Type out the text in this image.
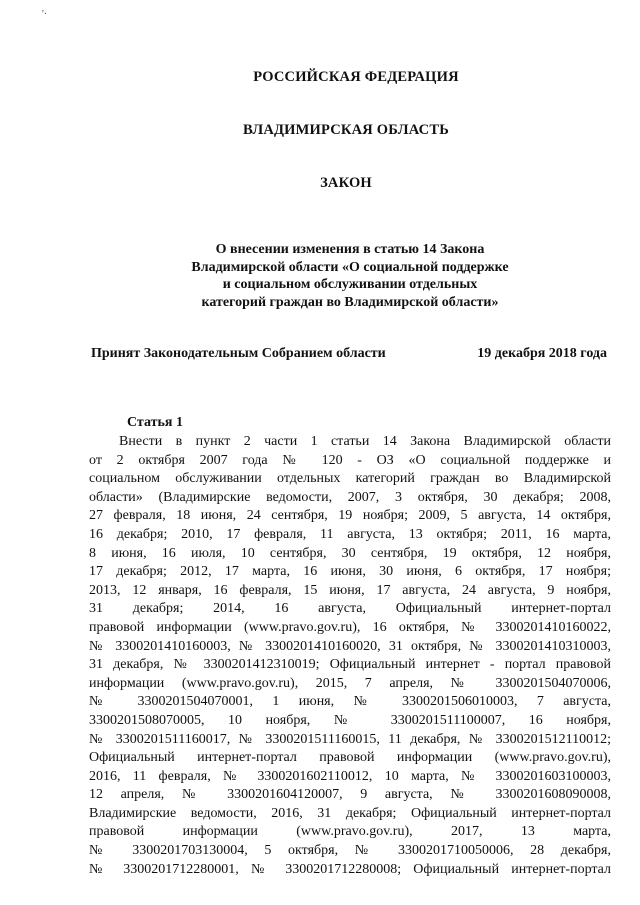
'·
РОССИЙСКАЯ ФЕДЕРАЦИЯ
ВЛАДИМИРСКАЯ ОБЛАСТЬ
ЗАКОН
О внесении изменения в статью 14 Закона
Владимирской области «О социальной поддержке
и социальном обслуживании отдельных
категорий граждан во Владимирской области»
Принят Законодательным Собранием области	19 декабря 2018 года
Статья 1
Внести в пункт 2 части 1 статьи 14 Закона Владимирской области
от 2 октября 2007 года № 120 - ОЗ «О социальной поддержке и
социальном обслуживании отдельных категорий граждан во Владимирской
области» (Владимирские ведомости, 2007, 3 октября, 30 декабря; 2008,
27 февраля, 18 июня, 24 сентября, 19 ноября; 2009, 5 августа, 14 октября,
16 декабря; 2010, 17 февраля, 11 августа, 13 октября; 2011, 16 марта,
8 июня, 16 июля, 10 сентября, 30 сентября, 19 октября, 12 ноября,
17 декабря; 2012, 17 марта, 16 июня, 30 июня, 6 октября, 17 ноября;
2013, 12 января, 16 февраля, 15 июня, 17 августа, 24 августа, 9 ноября,
31 декабря; 2014, 16 августа, Официальный интернет-портал
правовой информации (www.pravo.gov.ru), 16 октября, № 3300201410160022,
№ 3300201410160003, № 3300201410160020, 31 октября, № 3300201410310003,
31 декабря, № 3300201412310019; Официальный интернет - портал правовой
информации (www.pravo.gov.ru), 2015, 7 апреля, № 3300201504070006,
№ 3300201504070001, 1 июня, № 3300201506010003, 7 августа,
3300201508070005, 10 ноября, № 3300201511100007, 16 ноября,
№ 3300201511160017, № 3300201511160015, 11 декабря, № 3300201512110012;
Официальный интернет-портал правовой информации (www.pravo.gov.ru),
2016, 11 февраля, № 3300201602110012, 10 марта, № 3300201603100003,
12 апреля, № 3300201604120007, 9 августа, № 3300201608090008,
Владимирские ведомости, 2016, 31 декабря; Официальный интернет-портал
правовой информации (www.pravo.gov.ru), 2017, 13 марта,
№ 3300201703130004, 5 октября, № 3300201710050006, 28 декабря,
№ 3300201712280001, № 3300201712280008; Официальный интернет-портал
